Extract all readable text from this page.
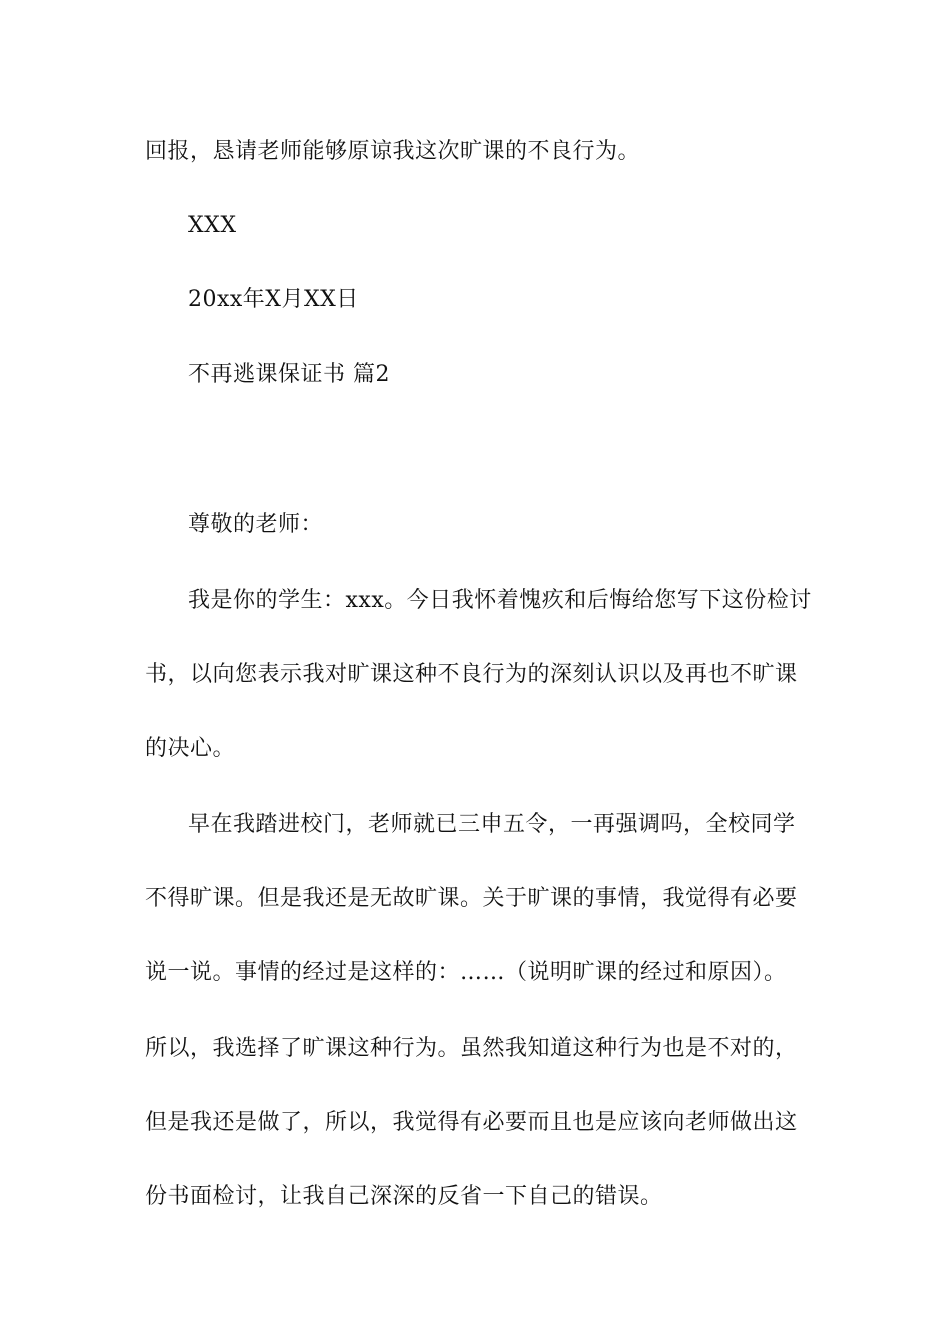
回报，恳请老师能够原谅我这次旷课的不良行为。
XXX
20xx年X月XX日
不再逃课保证书 篇2
尊敬的老师：
我是你的学生：xxx。今日我怀着愧疚和后悔给您写下这份检讨
书，以向您表示我对旷课这种不良行为的深刻认识以及再也不旷课
的决心。
早在我踏进校门，老师就已三申五令，一再强调吗，全校同学
不得旷课。但是我还是无故旷课。关于旷课的事情，我觉得有必要
说一说。事情的经过是这样的：……（说明旷课的经过和原因）。
所以，我选择了旷课这种行为。虽然我知道这种行为也是不对的，
但是我还是做了，所以，我觉得有必要而且也是应该向老师做出这
份书面检讨，让我自己深深的反省一下自己的错误。
